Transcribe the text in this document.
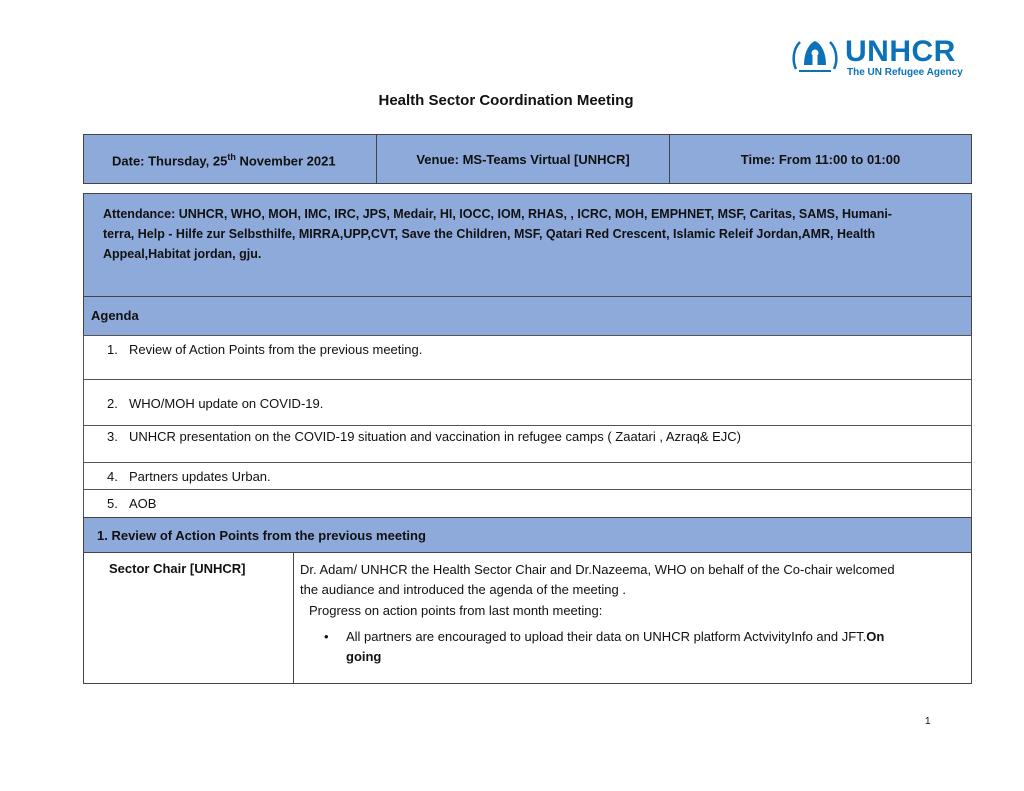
UNHCR
The UN Refugee Agency
Health Sector Coordination Meeting
Date: Thursday, 25th November 2021	Venue: MS-Teams Virtual [UNHCR]	Time: From 11:00 to 01:00
Attendance: UNHCR, WHO, MOH, IMC, IRC, JPS, Medair, HI, IOCC, IOM, RHAS, , ICRC, MOH, EMPHNET, MSF, Caritas, SAMS, Humani-
terra, Help - Hilfe zur Selbsthilfe, MIRRA,UPP,CVT, Save the Children, MSF, Qatari Red Crescent, Islamic Releif Jordan,AMR, Health
Appeal,Habitat jordan, gju.
Agenda
1. Review of Action Points from the previous meeting.
2. WHO/MOH update on COVID-19.
3. UNHCR presentation on the COVID-19 situation and vaccination in refugee camps ( Zaatari , Azraq& EJC)
4. Partners updates Urban.
5. AOB
1. Review of Action Points from the previous meeting
Sector Chair [UNHCR]	Dr. Adam/ UNHCR the Health Sector Chair and Dr.Nazeema, WHO on behalf of the Co-chair welcomed
the audiance and introduced the agenda of the meeting .
Progress on action points from last month meeting:
• All partners are encouraged to upload their data on UNHCR platform ActvivityInfo and JFT.On
going
1
